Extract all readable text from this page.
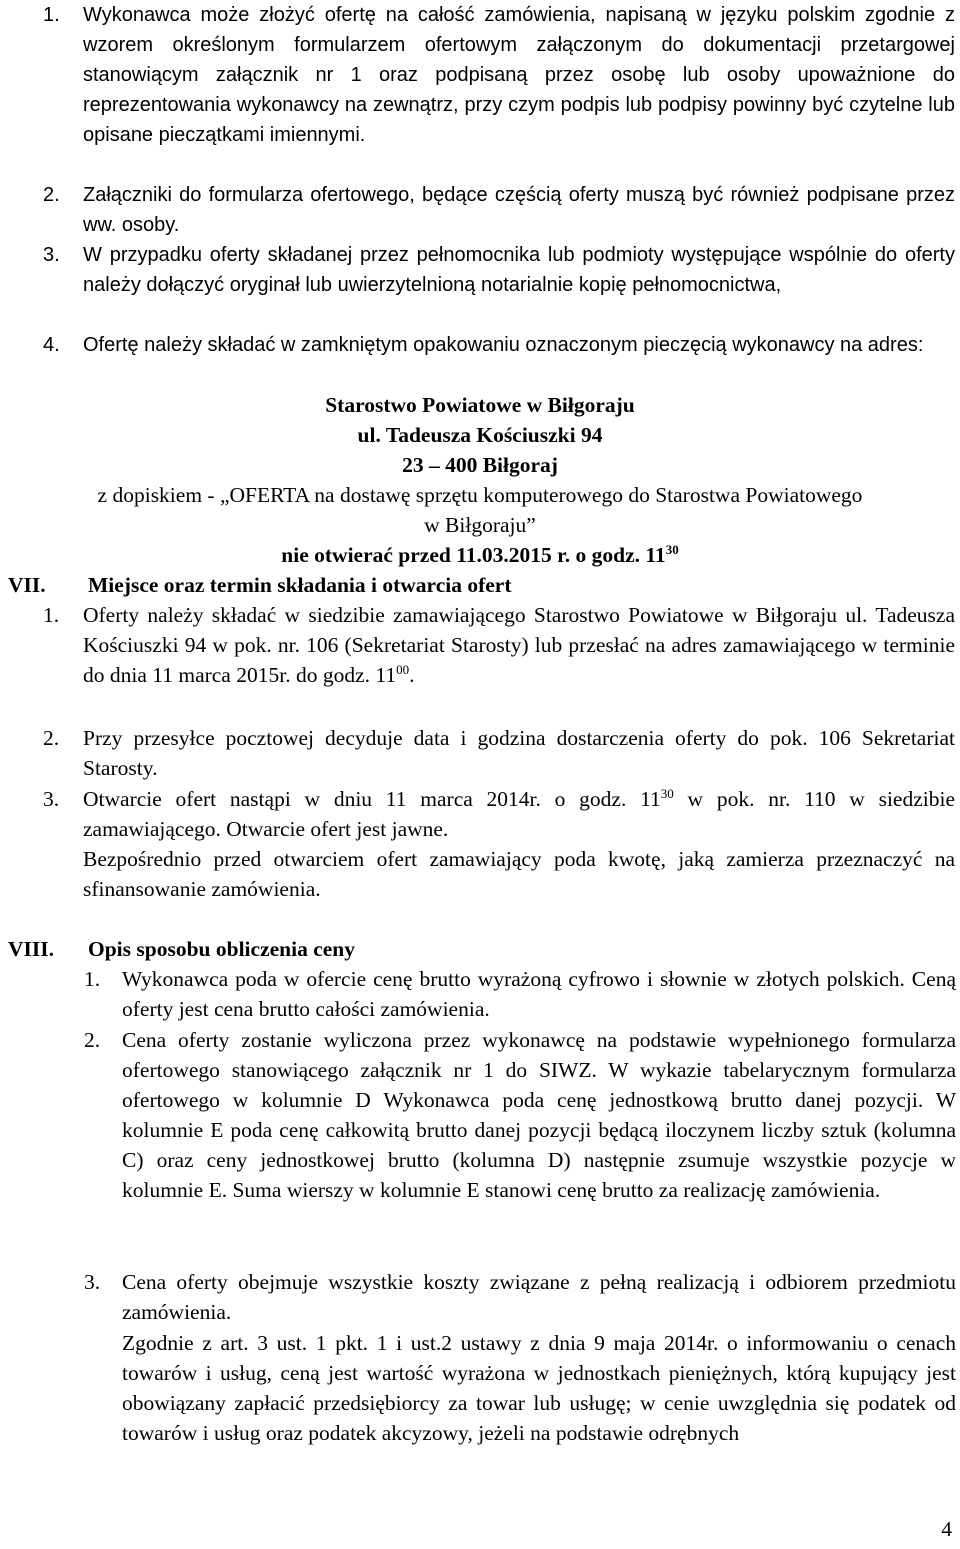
1. Wykonawca może złożyć ofertę na całość zamówienia, napisaną w języku polskim zgodnie z wzorem określonym formularzem ofertowym załączonym do dokumentacji przetargowej stanowiącym załącznik nr 1 oraz podpisaną przez osobę lub osoby upoważnione do reprezentowania wykonawcy na zewnątrz, przy czym podpis lub podpisy powinny być czytelne lub opisane pieczątkami imiennymi.
2. Załączniki do formularza ofertowego, będące częścią oferty muszą być również podpisane przez ww. osoby.
3. W przypadku oferty składanej przez pełnomocnika lub podmioty występujące wspólnie do oferty należy dołączyć oryginał lub uwierzytelnioną notarialnie kopię pełnomocnictwa,
4. Ofertę należy składać w zamkniętym opakowaniu oznaczonym pieczęcią wykonawcy na adres:
Starostwo Powiatowe w Biłgoraju
ul. Tadeusza Kościuszki 94
23 – 400 Biłgoraj
z dopiskiem - „OFERTA na dostawę sprzętu komputerowego do Starostwa Powiatowego
w Biłgoraju”
nie otwierać przed 11.03.2015 r. o godz. $11^{30}$
VII. Miejsce oraz termin składania i otwarcia ofert
1. Oferty należy składać w siedzibie zamawiającego Starostwo Powiatowe w Biłgoraju ul. Tadeusza Kościuszki 94 w pok. nr. 106 (Sekretariat Starosty) lub przesłać na adres zamawiającego w terminie do dnia 11 marca 2015r. do godz. $11^{00}$.
2. Przy przesyłce pocztowej decyduje data i godzina dostarczenia oferty do pok. 106 Sekretariat Starosty.
3. Otwarcie ofert nastąpi w dniu 11 marca 2014r. o godz. $11^{30}$ w pok. nr. 110 w siedzibie zamawiającego. Otwarcie ofert jest jawne.
Bezpośrednio przed otwarciem ofert zamawiający poda kwotę, jaką zamierza przeznaczyć na sfinansowanie zamówienia.
VIII. Opis sposobu obliczenia ceny
1. Wykonawca poda w ofercie cenę brutto wyrażoną cyfrowo i słownie w złotych polskich. Ceną oferty jest cena brutto całości zamówienia.
2. Cena oferty zostanie wyliczona przez wykonawcę na podstawie wypełnionego formularza ofertowego stanowiącego załącznik nr 1 do SIWZ. W wykazie tabelarycznym formularza ofertowego w kolumnie D Wykonawca poda cenę jednostkową brutto danej pozycji. W kolumnie E poda cenę całkowitą brutto danej pozycji będącą iloczynem liczby sztuk (kolumna C) oraz ceny jednostkowej brutto (kolumna D) następnie zsumuje wszystkie pozycje w kolumnie E. Suma wierszy w kolumnie E stanowi cenę brutto za realizację zamówienia.
3. Cena oferty obejmuje wszystkie koszty związane z pełną realizacją i odbiorem przedmiotu zamówienia.
Zgodnie z art. 3 ust. 1 pkt. 1 i ust.2 ustawy z dnia 9 maja 2014r. o informowaniu o cenach towarów i usług, ceną jest wartość wyrażona w jednostkach pieniężnych, którą kupujący jest obowiązany zapłacić przedsiębiorcy za towar lub usługę; w cenie uwzględnia się podatek od towarów i usług oraz podatek akcyzowy, jeżeli na podstawie odrębnych
4
